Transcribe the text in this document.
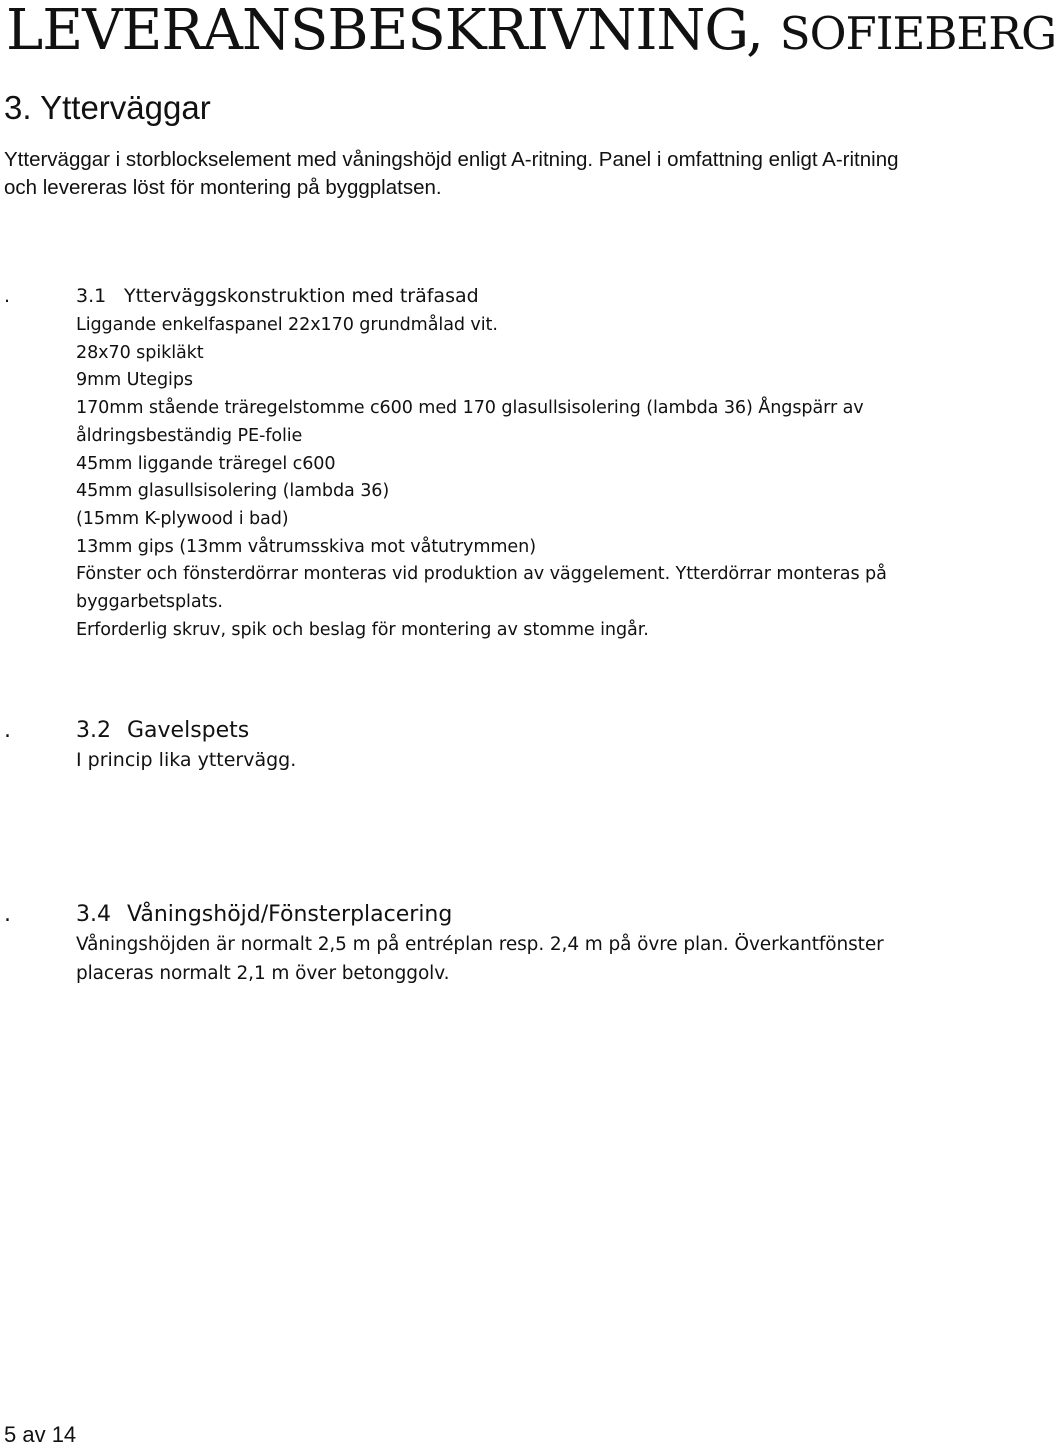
LEVERANSBESKRIVNING, SOFIEBERG
3. Ytterväggar
Ytterväggar i storblockselement med våningshöjd enligt A-ritning. Panel i omfattning enligt A-ritning
och levereras löst för montering på byggplatsen.
.	3.1 Ytterväggskonstruktion med träfasad
Liggande enkelfaspanel 22x170 grundmålad vit.
28x70 spikläkt
9mm Utegips
170mm stående träregelstomme c600 med 170 glasullsisolering (lambda 36) Ångspärr av
åldringsbeständig PE-folie
45mm liggande träregel c600
45mm glasullsisolering (lambda 36)
(15mm K-plywood i bad)
13mm gips (13mm våtrumsskiva mot våtutrymmen)
Fönster och fönsterdörrar monteras vid produktion av väggelement. Ytterdörrar monteras på
byggarbetsplats.
Erforderlig skruv, spik och beslag för montering av stomme ingår.
.	3.2 Gavelspets
I princip lika yttervägg.
.	3.4 Våningshöjd/Fönsterplacering
Våningshöjden är normalt 2,5 m på entréplan resp. 2,4 m på övre plan. Överkantfönster
placeras normalt 2,1 m över betonggolv.

5 av 14
